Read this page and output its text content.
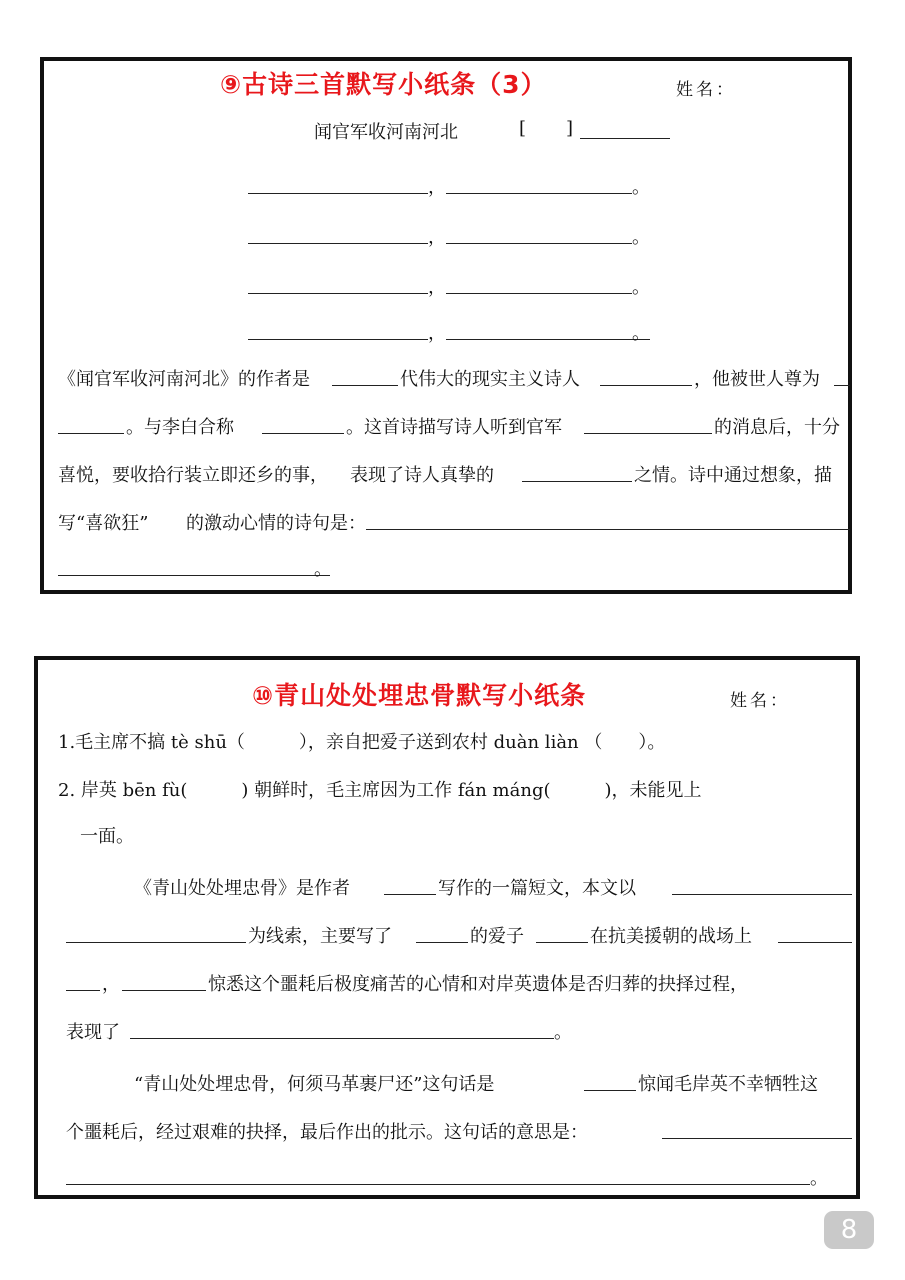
⑨古诗三首默写小纸条（3）	姓名：
闻官军收河南河北	[ ]
，	。
，	。
，	。
，	。
《闻官军收河南河北》的作者是	代伟大的现实主义诗人	，他被世人尊为
。与李白合称	。这首诗描写诗人听到官军	的消息后，十分
喜悦，要收拾行装立即还乡的事， 表现了诗人真挚的	之情。诗中通过想象，描
写“喜欲狂” 的激动心情的诗句是：
。
⑩青山处处埋忠骨默写小纸条	姓名：
1.毛主席不搞 tè shū（　　　），亲自把爱子送到农村 duàn liàn （　　）。
2. 岸英 bēn fù(　　　) 朝鲜时，毛主席因为工作 fán máng(　　　)，未能见上
一面。
《青山处处埋忠骨》是作者	写作的一篇短文，本文以
为线索，主要写了	的爱子	在抗美援朝的战场上
，	惊悉这个噩耗后极度痛苦的心情和对岸英遗体是否归葬的抉择过程，
表现了	。
“青山处处埋忠骨，何须马革裹尸还”这句话是	惊闻毛岸英不幸牺牲这
个噩耗后，经过艰难的抉择，最后作出的批示。这句话的意思是：
。
8
